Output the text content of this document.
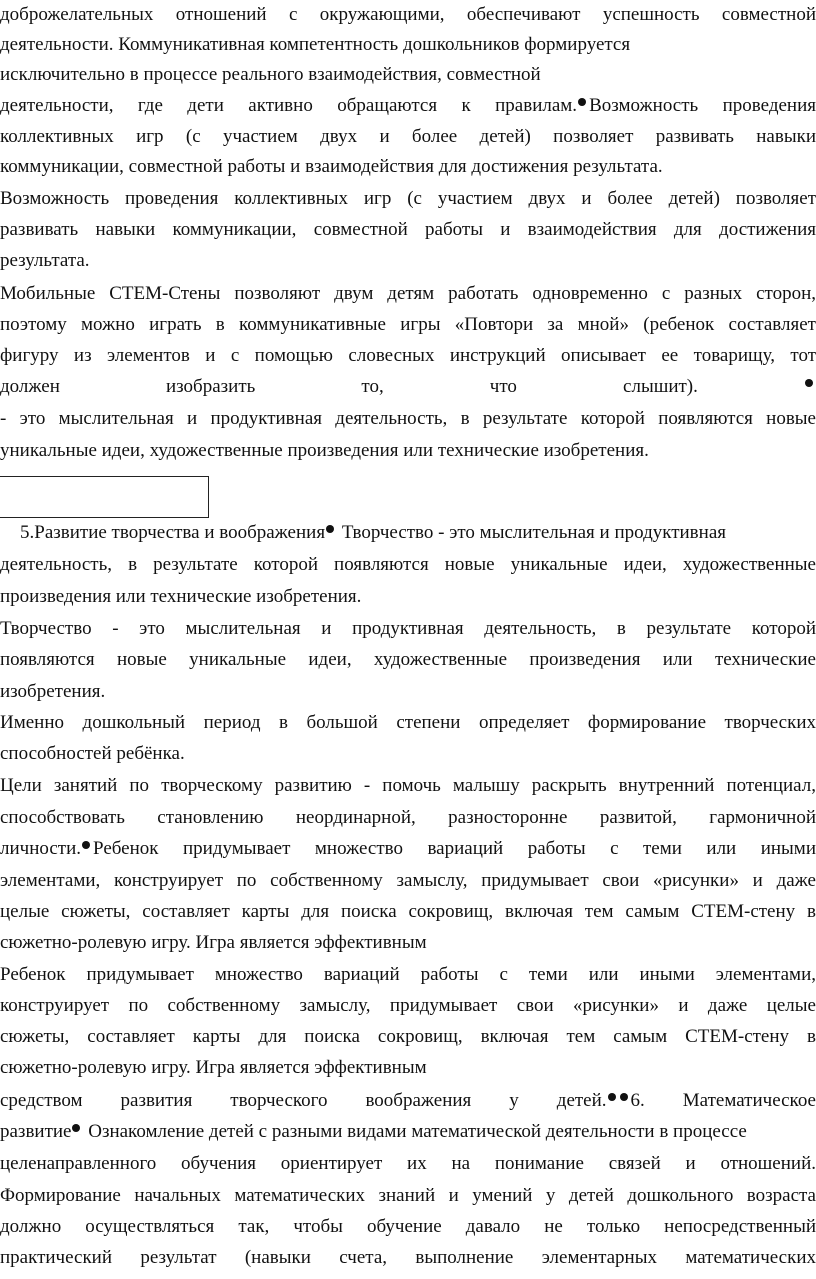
доброжелательных отношений с окружающими, обеспечивают успешность совместной
деятельности. Коммуникативная компетентность дошкольников формируется
исключительно в процессе реального взаимодействия, совместной
деятельности, где дети активно обращаются к правилам. Возможность проведения
коллективных игр (с участием двух и более детей) позволяет развивать навыки
коммуникации, совместной работы и взаимодействия для достижения результата.
Возможность проведения коллективных игр (с участием двух и более детей) позволяет
развивать навыки коммуникации, совместной работы и взаимодействия для достижения
результата.
Мобильные СТЕМ-Стены позволяют двум детям работать одновременно с разных сторон,
поэтому можно играть в коммуникативные игры «Повтори за мной» (ребенок составляет
фигуру из элементов и с помощью словесных инструкций описывает ее товарищу, тот
должен изобразить то, что слышит).
- это мыслительная и продуктивная деятельность, в результате которой появляются новые
уникальные идеи, художественные произведения или технические изобретения.
5.Развитие творчества и воображения Творчество - это мыслительная и продуктивная
деятельность, в результате которой появляются новые уникальные идеи, художественные
произведения или технические изобретения.
Творчество - это мыслительная и продуктивная деятельность, в результате которой
появляются новые уникальные идеи, художественные произведения или технические
изобретения.
Именно дошкольный период в большой степени определяет формирование творческих
способностей ребёнка.
Цели занятий по творческому развитию - помочь малышу раскрыть внутренний потенциал,
способствовать становлению неординарной, разносторонне развитой, гармоничной
личности. Ребенок придумывает множество вариаций работы с теми или иными
элементами, конструирует по собственному замыслу, придумывает свои «рисунки» и даже
целые сюжеты, составляет карты для поиска сокровищ, включая тем самым СТЕМ-стену в
сюжетно-ролевую игру. Игра является эффективным
Ребенок придумывает множество вариаций работы с теми или иными элементами,
конструирует по собственному замыслу, придумывает свои «рисунки» и даже целые
сюжеты, составляет карты для поиска сокровищ, включая тем самым СТЕМ-стену в
сюжетно-ролевую игру. Игра является эффективным
средством развития творческого воображения у детей. 6. Математическое
развитие Ознакомление детей с разными видами математической деятельности в процессе
целенаправленного обучения ориентирует их на понимание связей и отношений.
Формирование начальных математических знаний и умений у детей дошкольного возраста
должно осуществляться так, чтобы обучение давало не только непосредственный
практический результат (навыки счета, выполнение элементарных математических
